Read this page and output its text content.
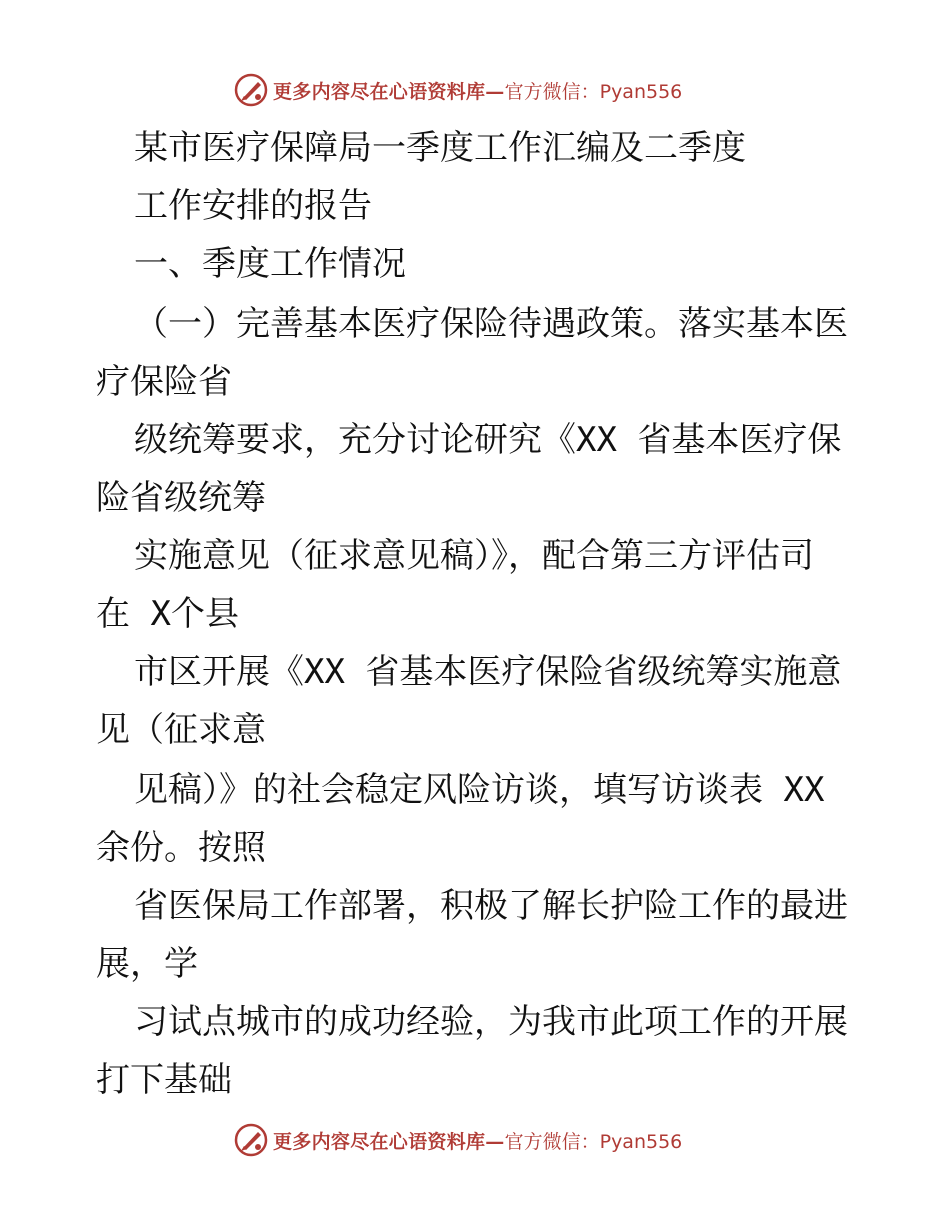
更多内容尽在心语资料库— 官方微信：Pyan556

某市医疗保障局一季度工作汇编及二季度

工作安排的报告

一、季度工作情况

（一）完善基本医疗保险待遇政策。落实基本医

疗保险省

级统筹要求，充分讨论研究《XX 省基本医疗保

险省级统筹

实施意见（征求意见稿）》，配合第三方评估司

在 X个县

市区开展《XX 省基本医疗保险省级统筹实施意

见（征求意

见稿）》的社会稳定风险访谈，填写访谈表 XX

余份。按照

省医保局工作部署，积极了解长护险工作的最进

展，学

习试点城市的成功经验，为我市此项工作的开展

打下基础

更多内容尽在心语资料库— 官方微信：Pyan556
